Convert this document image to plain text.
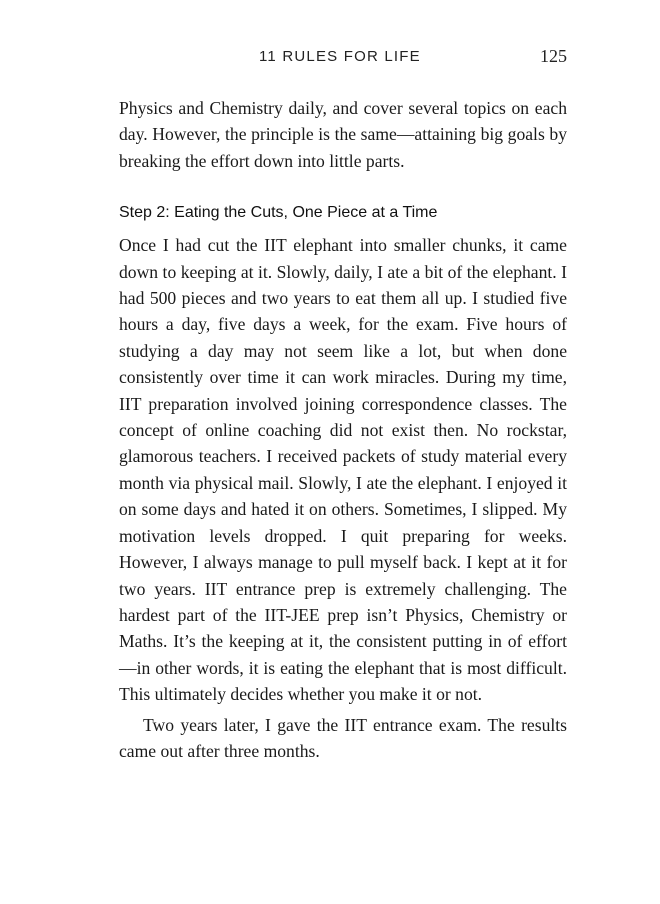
11 RULES FOR LIFE	125

Physics and Chemistry daily, and cover several topics on each day. However, the principle is the same—attaining big goals by breaking the effort down into little parts.

Step 2: Eating the Cuts, One Piece at a Time

Once I had cut the IIT elephant into smaller chunks, it came down to keeping at it. Slowly, daily, I ate a bit of the elephant. I had 500 pieces and two years to eat them all up. I studied five hours a day, five days a week, for the exam. Five hours of studying a day may not seem like a lot, but when done consistently over time it can work miracles. During my time, IIT preparation involved joining correspondence classes. The concept of online coaching did not exist then. No rockstar, glamorous teachers. I received packets of study material every month via physical mail. Slowly, I ate the elephant. I enjoyed it on some days and hated it on others. Sometimes, I slipped. My motivation levels dropped. I quit preparing for weeks. However, I always manage to pull myself back. I kept at it for two years. IIT entrance prep is extremely challenging. The hardest part of the IIT-JEE prep isn’t Physics, Chemistry or Maths. It’s the keeping at it, the consistent putting in of effort—in other words, it is eating the elephant that is most difficult. This ultimately decides whether you make it or not.

Two years later, I gave the IIT entrance exam. The results came out after three months.
